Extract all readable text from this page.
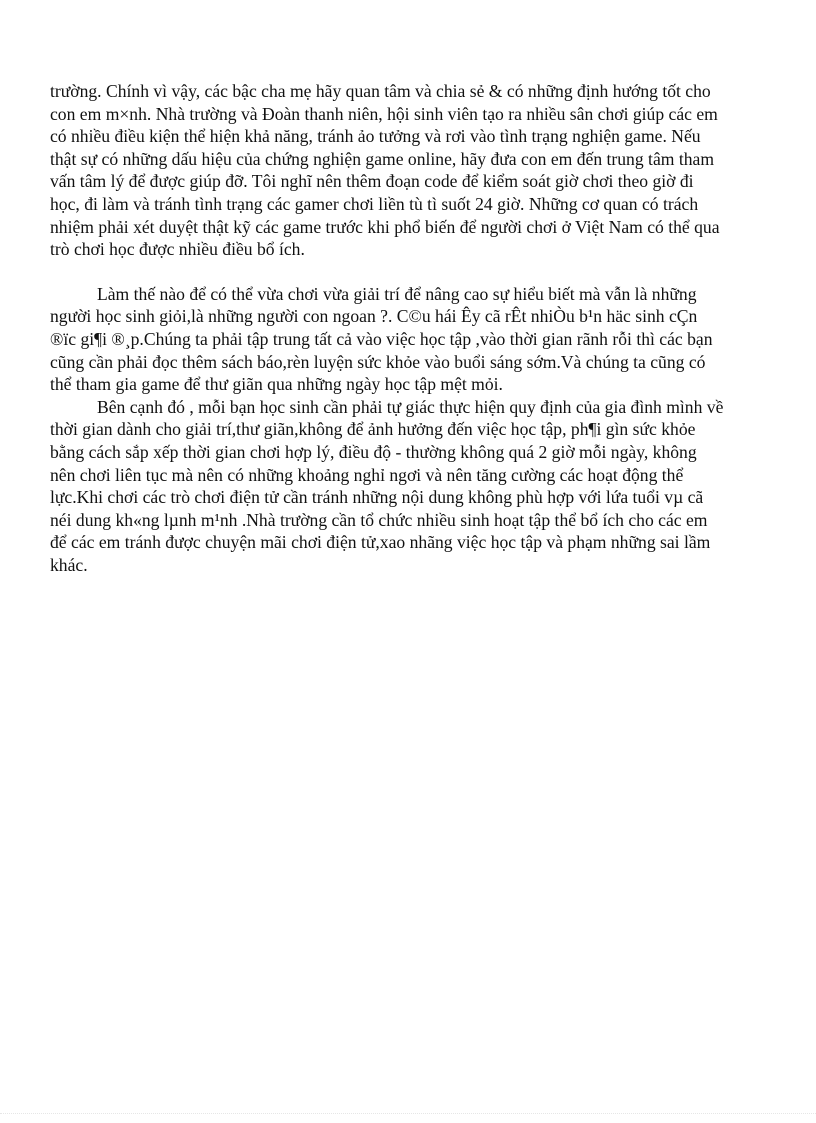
trường. Chính vì vậy, các bậc cha mẹ hãy quan tâm và chia sẻ & có những định hướng tốt cho
con em m×nh. Nhà trường và Đoàn thanh niên, hội sinh viên tạo ra nhiều sân chơi giúp các em
có nhiều điều kiện thể hiện khả năng, tránh ảo tưởng và rơi vào tình trạng nghiện game. Nếu
thật sự có những dấu hiệu của chứng nghiện game online, hãy đưa con em đến trung tâm tham
vấn tâm lý để được giúp đỡ. Tôi nghĩ nên thêm đoạn code để kiểm soát giờ chơi theo giờ đi
học, đi làm và tránh tình trạng các gamer chơi liền tù tì suốt 24 giờ. Những cơ quan có trách
nhiệm phải xét duyệt thật kỹ các game trước khi phổ biến để người chơi ở Việt Nam có thể qua
trò chơi học được nhiều điều bổ ích.

Làm thế nào để có thể vừa chơi vừa giải trí để nâng cao sự hiểu biết mà vẫn là những
người học sinh giỏi,là những người con ngoan ?. C©u hái Êy cã rÊt nhiÒu b¹n häc sinh cÇn
®ïc gi¶i ®¸p.Chúng ta phải tập trung tất cả vào việc học tập ,vào thời gian rãnh rỗi thì các bạn
cũng cần phải đọc thêm sách báo,rèn luyện sức khỏe vào buổi sáng sớm.Và chúng ta cũng có
thể tham gia game để thư giãn qua những ngày học tập mệt mỏi.

Bên cạnh đó , mỗi bạn học sinh cần phải tự giác thực hiện quy định của gia đình mình về
thời gian dành cho giải trí,thư giãn,không để ảnh hưởng đến việc học tập, ph¶i gìn sức khỏe
bằng cách sắp xếp thời gian chơi hợp lý, điều độ - thường không quá 2 giờ mỗi ngày, không
nên chơi liên tục mà nên có những khoảng nghỉ ngơi và nên tăng cường các hoạt động thể
lực.Khi chơi các trò chơi điện tử cần tránh những nội dung không phù hợp với lứa tuổi vµ cã
néi dung kh«ng lµnh m¹nh .Nhà trường cần tổ chức nhiều sinh hoạt tập thể bổ ích cho các em
để các em tránh được chuyện mãi chơi điện tử,xao nhãng việc học tập và phạm những sai lầm
khác.
